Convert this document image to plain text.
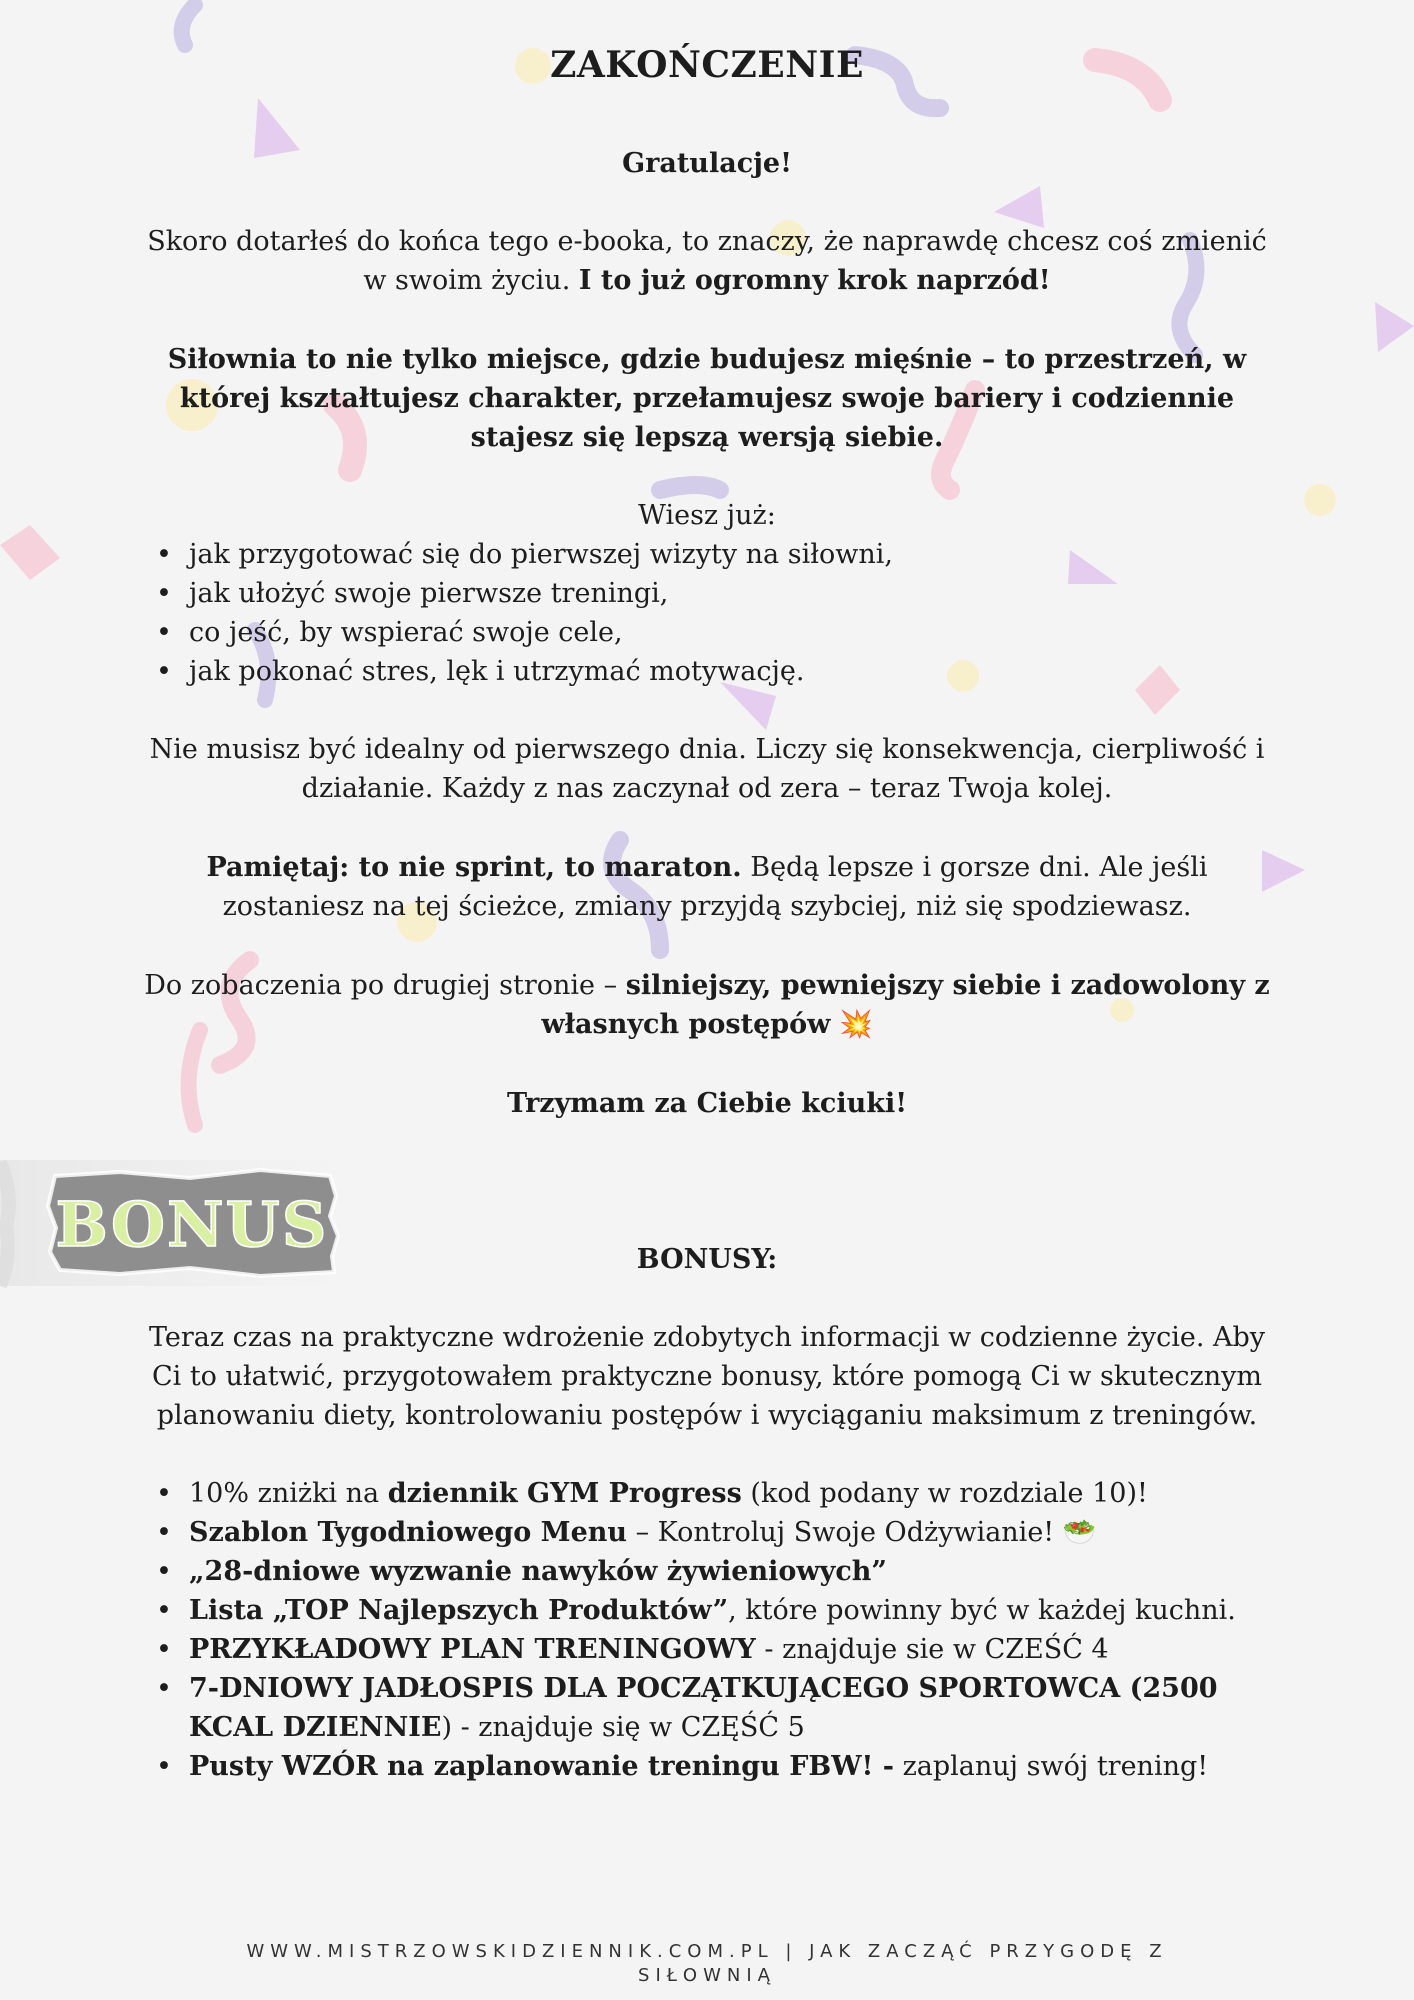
ZAKOŃCZENIE

Gratulacje!

Skoro dotarłeś do końca tego e-booka, to znaczy, że naprawdę chcesz coś zmienić w swoim życiu. I to już ogromny krok naprzód!

Siłownia to nie tylko miejsce, gdzie budujesz mięśnie – to przestrzeń, w której kształtujesz charakter, przełamujesz swoje bariery i codziennie stajesz się lepszą wersją siebie.

Wiesz już:

• jak przygotować się do pierwszej wizyty na siłowni,
• jak ułożyć swoje pierwsze treningi,
• co jeść, by wspierać swoje cele,
• jak pokonać stres, lęk i utrzymać motywację.

Nie musisz być idealny od pierwszego dnia. Liczy się konsekwencja, cierpliwość i działanie. Każdy z nas zaczynał od zera – teraz Twoja kolej.

Pamiętaj: to nie sprint, to maraton. Będą lepsze i gorsze dni. Ale jeśli zostaniesz na tej ścieżce, zmiany przyjdą szybciej, niż się spodziewasz.

Do zobaczenia po drugiej stronie – silniejszy, pewniejszy siebie i zadowolony z własnych postępów 💥

Trzymam za Ciebie kciuki!

BONUS	BONUSY:

Teraz czas na praktyczne wdrożenie zdobytych informacji w codzienne życie. Aby Ci to ułatwić, przygotowałem praktyczne bonusy, które pomogą Ci w skutecznym planowaniu diety, kontrolowaniu postępów i wyciąganiu maksimum z treningów.

• 10% zniżki na dziennik GYM Progress (kod podany w rozdziale 10)!
• Szablon Tygodniowego Menu – Kontroluj Swoje Odżywianie! 🥗
• „28-dniowe wyzwanie nawyków żywieniowych”
• Lista „TOP Najlepszych Produktów”, które powinny być w każdej kuchni.
• PRZYKŁADOWY PLAN TRENINGOWY - znajduje sie w CZEŚĆ 4
• 7-DNIOWY JADŁOSPIS DLA POCZĄTKUJĄCEGO SPORTOWCA (2500 KCAL DZIENNIE) - znajduje się w CZĘŚĆ 5
• Pusty WZÓR na zaplanowanie treningu FBW! - zaplanuj swój trening!
WWW.MISTRZOWSKIDZIENNIK.COM.PL | JAK ZACZĄĆ PRZYGODĘ Z SIŁOWNIĄ
